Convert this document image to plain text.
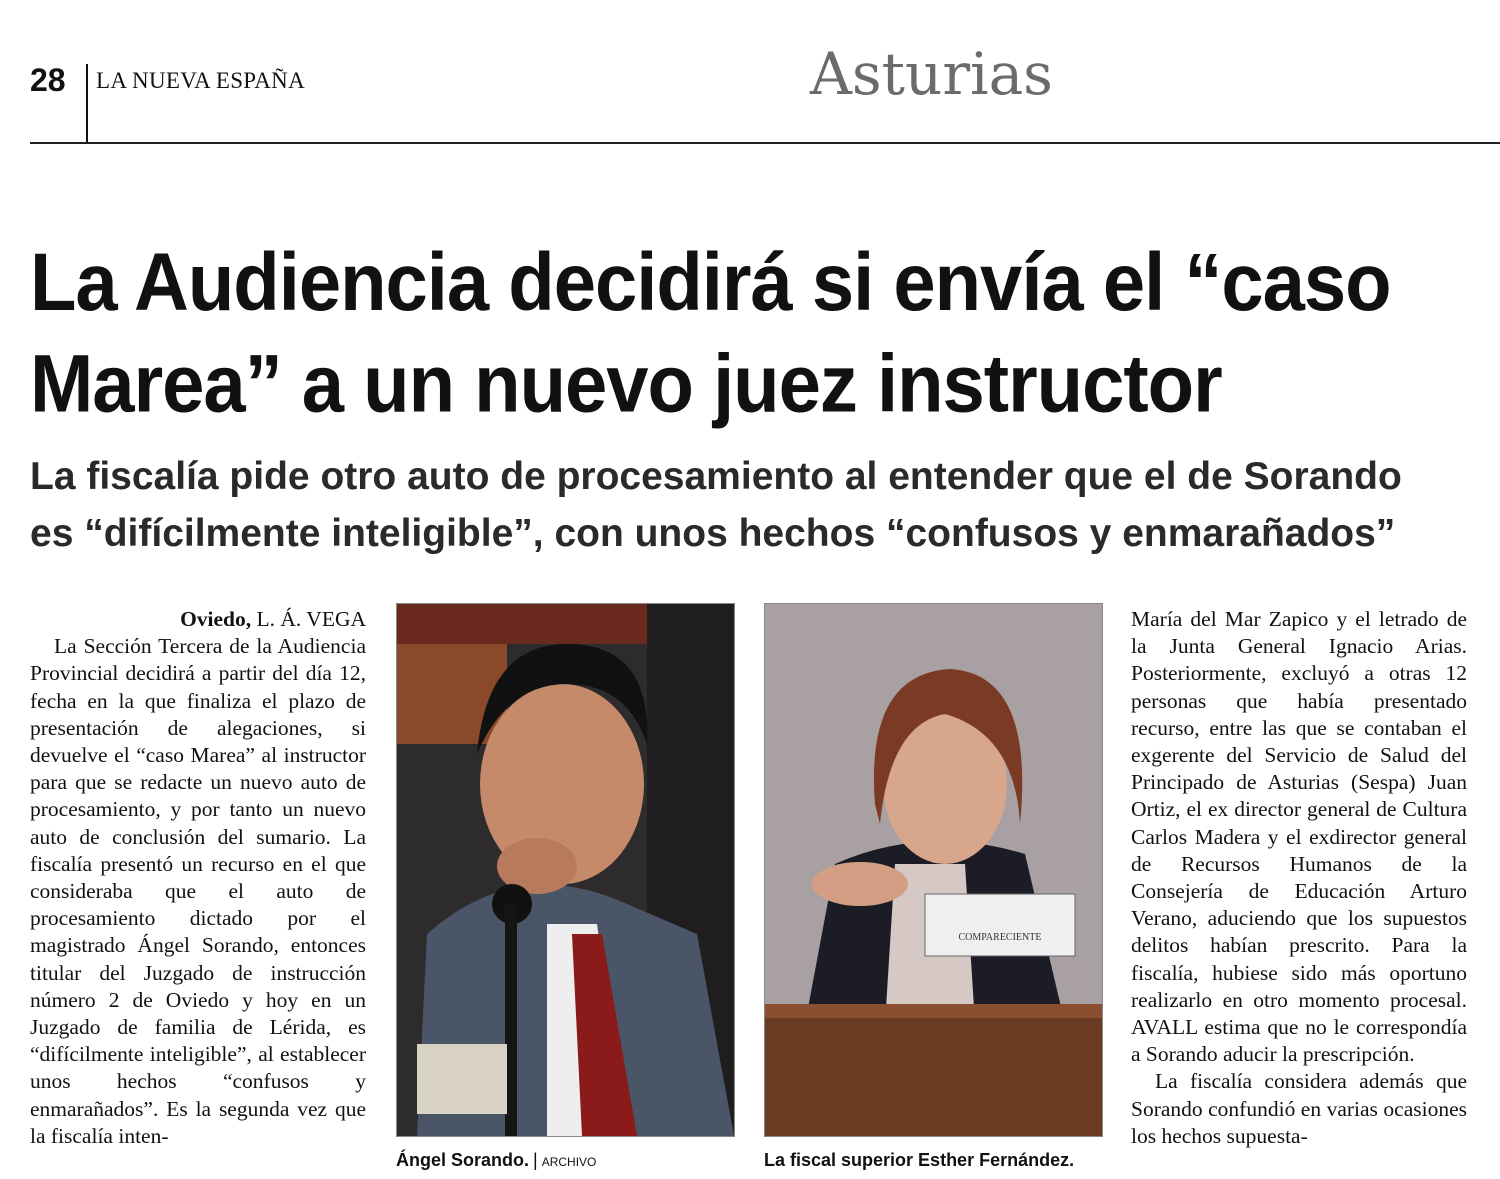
28 LA NUEVA ESPAÑA	Asturias
La Audiencia decidirá si envía el “caso
Marea” a un nuevo juez instructor
La fiscalía pide otro auto de procesamiento al entender que el de Sorando
es “difícilmente inteligible”, con unos hechos “confusos y enmarañados”
Oviedo, L. Á. VEGA

La Sección Tercera de la Audiencia Provincial decidirá a partir del día 12, fecha en la que finaliza el plazo de presentación de alegaciones, si devuelve el “caso Marea” al instructor para que se redacte un nuevo auto de procesamiento, y por tanto un nuevo auto de conclusión del sumario. La fiscalía presentó un recurso en el que consideraba que el auto de procesamiento dictado por el magistrado Ángel Sorando, entonces titular del Juzgado de instrucción número 2 de Oviedo y hoy en un Juzgado de familia de Lérida, es “difícilmente inteligible”, al establecer unos hechos “confusos y enmarañados”. Es la segunda vez que la fiscalía inten-

COMPARECIENTE
Ángel Sorando. | ARCHIVO	La fiscal superior Esther Fernández.

María del Mar Zapico y el letrado de la Junta General Ignacio Arias. Posteriormente, excluyó a otras 12 personas que había presentado recurso, entre las que se contaban el exgerente del Servicio de Salud del Principado de Asturias (Sespa) Juan Ortiz, el ex director general de Cultura Carlos Madera y el exdirector general de Recursos Humanos de la Consejería de Educación Arturo Verano, aduciendo que los supuestos delitos habían prescrito. Para la fiscalía, hubiese sido más oportuno realizarlo en otro momento procesal. AVALL estima que no le correspondía a Sorando aducir la prescripción.

La fiscalía considera además que Sorando confundió en varias ocasiones los hechos supuesta-
